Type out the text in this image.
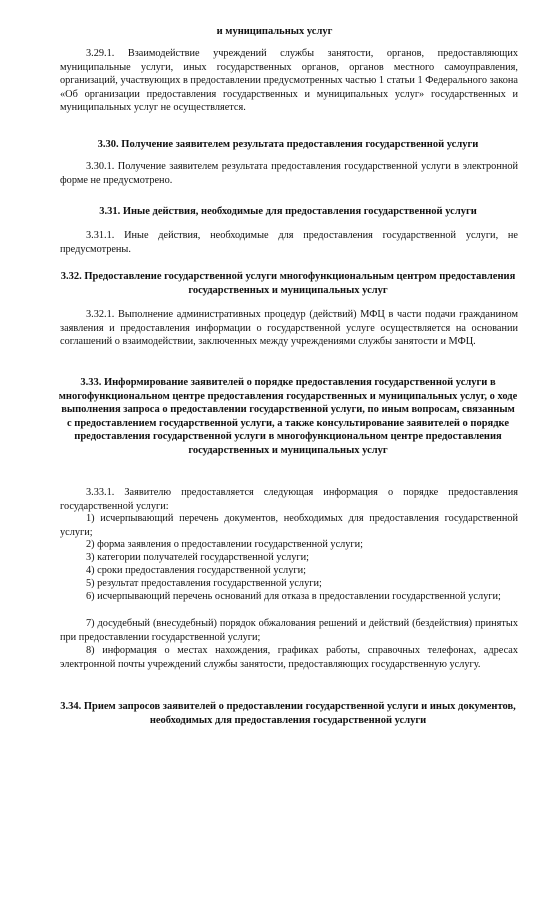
и муниципальных услуг

3.29.1. Взаимодействие учреждений службы занятости, органов, предоставляющих муниципальные услуги, иных государственных органов, органов местного самоуправления, организаций, участвующих в предоставлении предусмотренных частью 1 статьи 1 Федерального закона «Об организации предоставления государственных и муниципальных услуг» государственных и муниципальных услуг не осуществляется.

3.30. Получение заявителем результата предоставления государственной услуги

3.30.1. Получение заявителем результата предоставления государственной услуги в электронной форме не предусмотрено.

3.31. Иные действия, необходимые для предоставления государственной услуги

3.31.1. Иные действия, необходимые для предоставления государственной услуги, не предусмотрены.

3.32. Предоставление государственной услуги многофункциональным центром предоставления государственных и муниципальных услуг

3.32.1. Выполнение административных процедур (действий) МФЦ в части подачи гражданином заявления и предоставления информации о государственной услуге осуществляется на основании соглашений о взаимодействии, заключенных между учреждениями службы занятости и МФЦ.

3.33. Информирование заявителей о порядке предоставления государственной услуги в многофункциональном центре предоставления государственных и муниципальных услуг, о ходе выполнения запроса о предоставлении государственной услуги, по иным вопросам, связанным с предоставлением государственной услуги, а также консультирование заявителей о порядке предоставления государственной услуги в многофункциональном центре предоставления государственных и муниципальных услуг

3.33.1. Заявителю предоставляется следующая информация о порядке предоставления государственной услуги:

1) исчерпывающий перечень документов, необходимых для предоставления государственной услуги;

2) форма заявления о предоставлении государственной услуги;

3) категории получателей государственной услуги;

4) сроки предоставления государственной услуги;

5) результат предоставления государственной услуги;

6) исчерпывающий перечень оснований для отказа в предоставлении государственной услуги;

7) досудебный (внесудебный) порядок обжалования решений и действий (бездействия) принятых при предоставлении государственной услуги;

8) информация о местах нахождения, графиках работы, справочных телефонах, адресах электронной почты учреждений службы занятости, предоставляющих государственную услугу.

3.34. Прием запросов заявителей о предоставлении государственной услуги и иных документов, необходимых для предоставления государственной услуги
